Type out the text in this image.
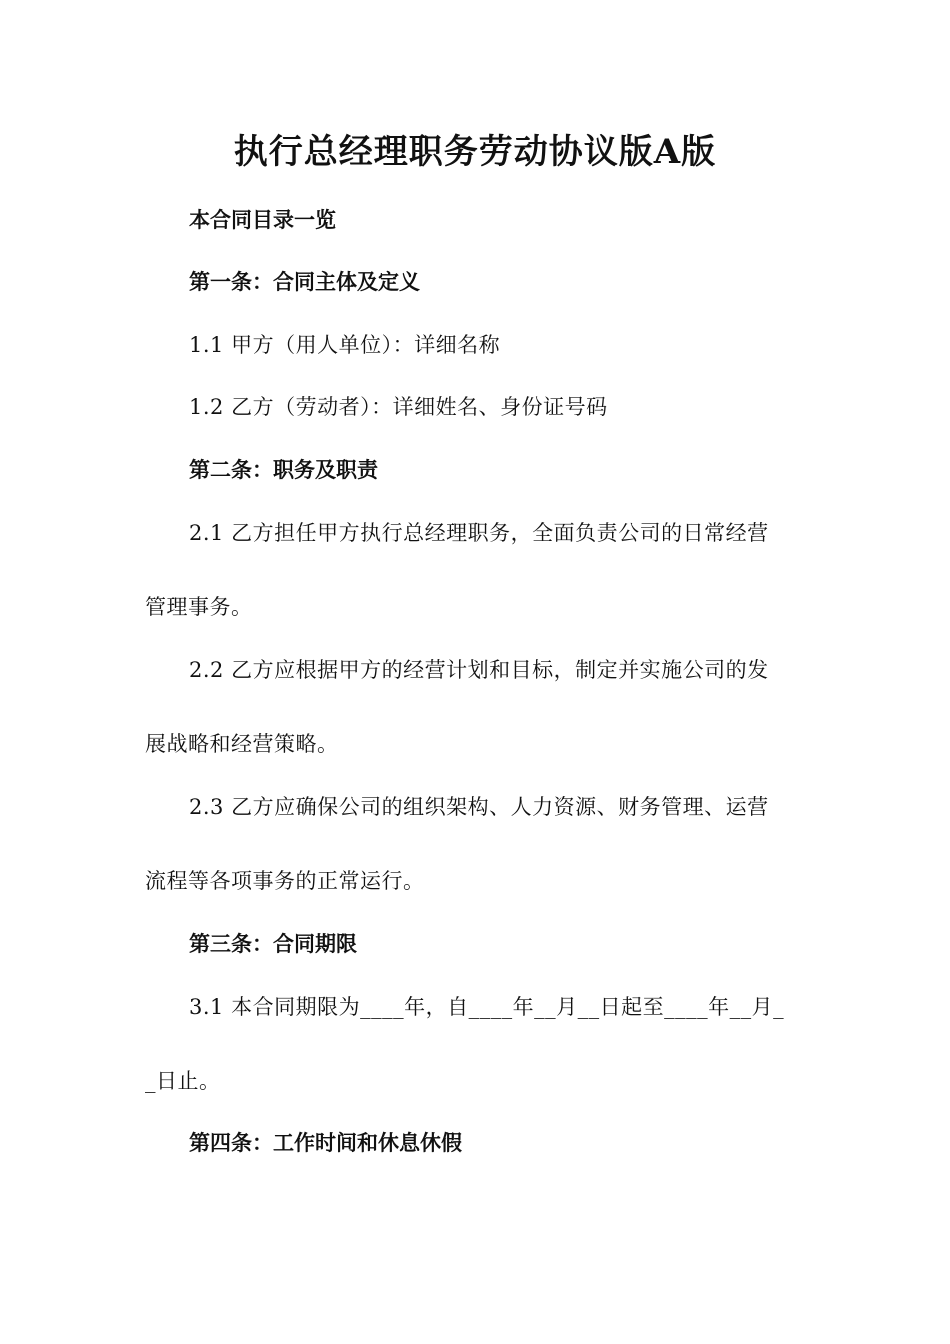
执行总经理职务劳动协议版A版
本合同目录一览
第一条：合同主体及定义
1.1 甲方（用人单位）：详细名称
1.2 乙方（劳动者）：详细姓名、身份证号码
第二条：职务及职责
2.1 乙方担任甲方执行总经理职务，全面负责公司的日常经营
管理事务。
2.2 乙方应根据甲方的经营计划和目标，制定并实施公司的发
展战略和经营策略。
2.3 乙方应确保公司的组织架构、人力资源、财务管理、运营
流程等各项事务的正常运行。
第三条：合同期限
3.1 本合同期限为____年，自____年__月__日起至____年__月_
_日止。
第四条：工作时间和休息休假
